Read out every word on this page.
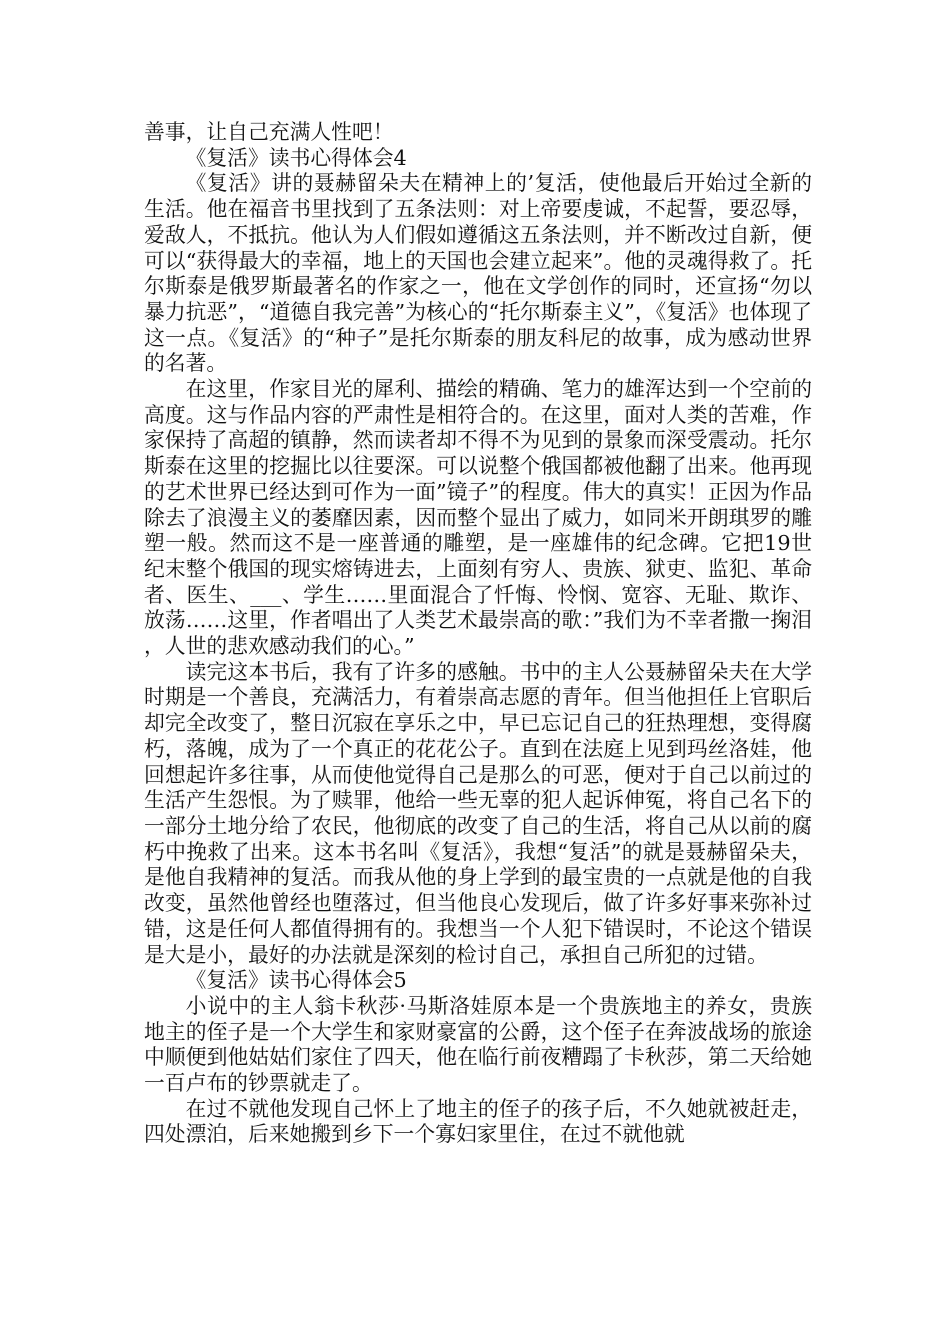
善事，让自己充满人性吧！

《复活》读书心得体会4

《复活》讲的聂赫留朵夫在精神上的’复活，使他最后开始过全新的生活。他在福音书里找到了五条法则：对上帝要虔诚，不起誓，要忍辱，爱敌人，不抵抗。他认为人们假如遵循这五条法则，并不断改过自新，便可以“获得最大的幸福，地上的天国也会建立起来”。他的灵魂得救了。托尔斯泰是俄罗斯最著名的作家之一，他在文学创作的同时，还宣扬“勿以暴力抗恶”，“道德自我完善”为核心的“托尔斯泰主义”，《复活》也体现了这一点。《复活》的“种子”是托尔斯泰的朋友科尼的故事，成为感动世界的名著。

在这里，作家目光的犀利、描绘的精确、笔力的雄浑达到一个空前的高度。这与作品内容的严肃性是相符合的。在这里，面对人类的苦难，作家保持了高超的镇静，然而读者却不得不为见到的景象而深受震动。托尔斯泰在这里的挖掘比以往要深。可以说整个俄国都被他翻了出来。他再现的艺术世界已经达到可作为一面”镜子”的程度。伟大的真实！正因为作品除去了浪漫主义的萎靡因素，因而整个显出了威力，如同米开朗琪罗的雕塑一般。然而这不是一座普通的雕塑，是一座雄伟的纪念碑。它把19世纪末整个俄国的现实熔铸进去，上面刻有穷人、贵族、狱吏、监犯、革命者、医生、___、学生……里面混合了忏悔、怜悯、宽容、无耻、欺诈、放荡……这里，作者唱出了人类艺术最崇高的歌：”我们为不幸者撒一掬泪，人世的悲欢感动我们的心。”

读完这本书后，我有了许多的感触。书中的主人公聂赫留朵夫在大学时期是一个善良，充满活力，有着崇高志愿的青年。但当他担任上官职后却完全改变了，整日沉寂在享乐之中，早已忘记自己的狂热理想，变得腐朽，落魄，成为了一个真正的花花公子。直到在法庭上见到玛丝洛娃，他回想起许多往事，从而使他觉得自己是那么的可恶，便对于自己以前过的生活产生怨恨。为了赎罪，他给一些无辜的犯人起诉伸冤，将自己名下的一部分土地分给了农民，他彻底的改变了自己的生活，将自己从以前的腐朽中挽救了出来。这本书名叫《复活》，我想“复活”的就是聂赫留朵夫，是他自我精神的复活。而我从他的身上学到的最宝贵的一点就是他的自我改变，虽然他曾经也堕落过，但当他良心发现后，做了许多好事来弥补过错，这是任何人都值得拥有的。我想当一个人犯下错误时，不论这个错误是大是小，最好的办法就是深刻的检讨自己，承担自己所犯的过错。

《复活》读书心得体会5

小说中的主人翁卡秋莎·马斯洛娃原本是一个贵族地主的养女，贵族地主的侄子是一个大学生和家财豪富的公爵，这个侄子在奔波战场的旅途中顺便到他姑姑们家住了四天，他在临行前夜糟蹋了卡秋莎，第二天给她一百卢布的钞票就走了。

在过不就他发现自己怀上了地主的侄子的孩子后，不久她就被赶走，四处漂泊，后来她搬到乡下一个寡妇家里住，在过不就他就
